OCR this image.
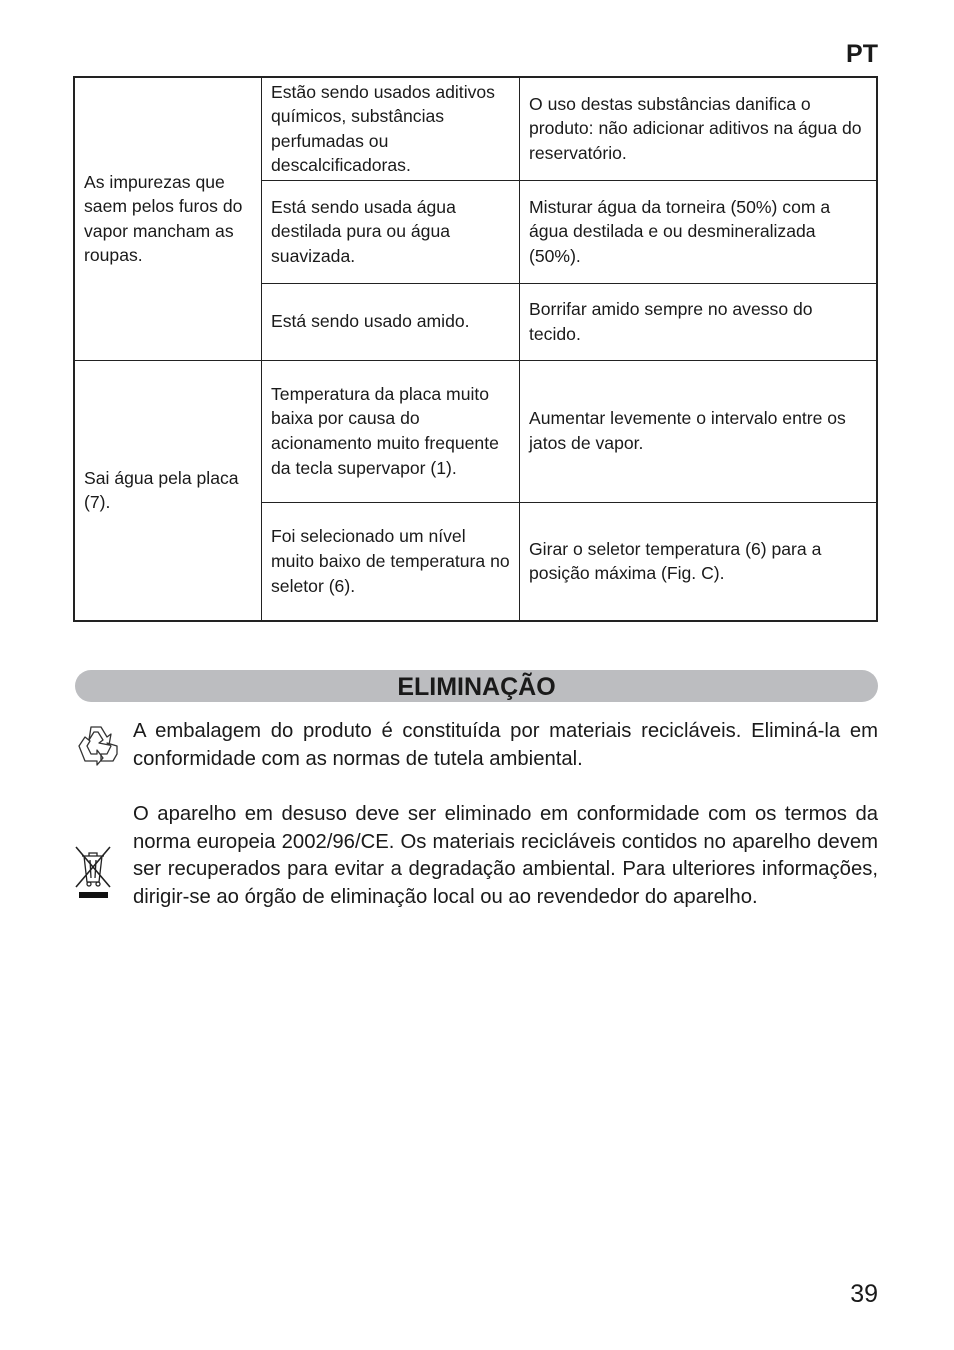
PT
As impurezas que saem pelos furos do vapor mancham as roupas.	Estão sendo usados aditivos químicos, substâncias perfumadas ou descalcificadoras.	O uso destas substâncias danifica o produto: não adicionar aditivos na água do reservatório.
	Está sendo usada água destilada pura ou água suavizada.	Misturar água da torneira (50%) com a água destilada e ou desmineralizada (50%).
	Está sendo usado amido.	Borrifar amido sempre no avesso do tecido.
Sai água pela placa (7).	Temperatura da placa muito baixa por causa do acionamento muito frequente da tecla supervapor (1).	Aumentar levemente o intervalo entre os jatos de vapor.
	Foi selecionado um nível muito baixo de temperatura no seletor (6).	Girar o seletor temperatura (6) para a posição máxima (Fig. C).
ELIMINAÇÃO

A embalagem do produto é constituída por materiais recicláveis. Eliminá-la em conformidade com as normas de tutela ambiental.

O aparelho em desuso deve ser eliminado em conformidade com os termos da norma europeia 2002/96/CE. Os materiais recicláveis contidos no aparelho devem ser recuperados para evitar a degradação ambiental. Para ulteriores informações, dirigir-se ao órgão de eliminação local ou ao revendedor do aparelho.

39
